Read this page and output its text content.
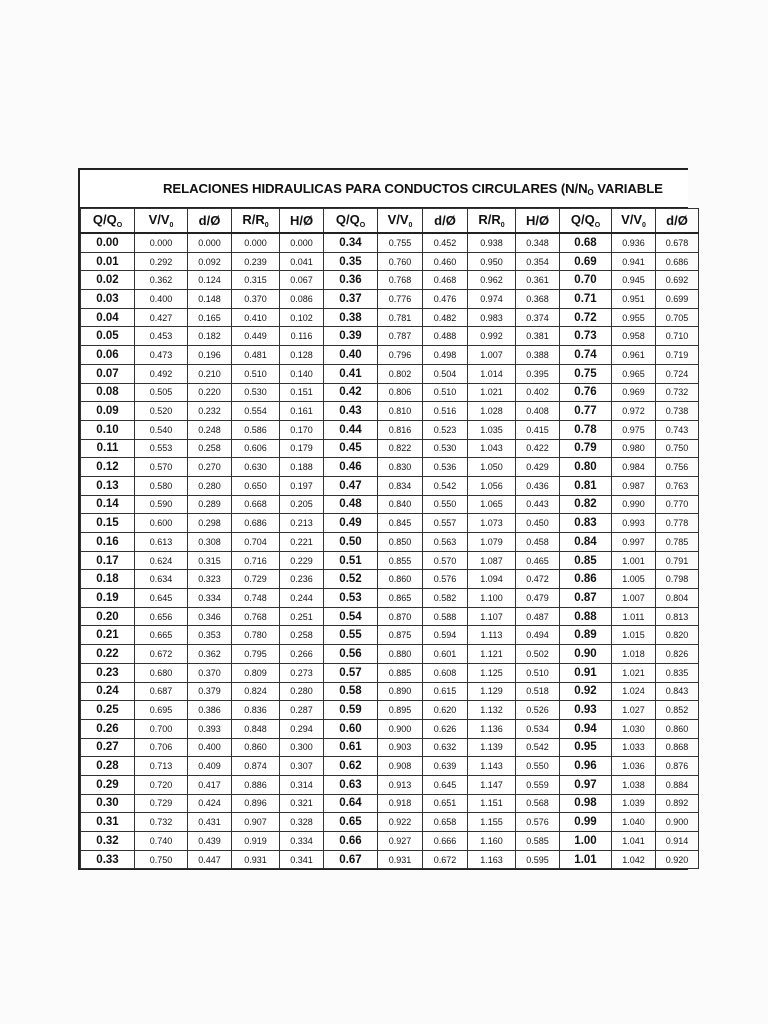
RELACIONES HIDRAULICAS PARA CONDUCTOS CIRCULARES ($N/N_O$ VARIABLE
$Q/Q_O$	$V/V_0$	d/Ø	$R/R_0$	H/Ø	$Q/Q_O$	$V/V_0$	d/Ø	$R/R_0$	H/Ø	$Q/Q_O$	$V/V_0$	d/Ø
0.00	0.000	0.000	0.000	0.000	0.34	0.755	0.452	0.938	0.348	0.68	0.936	0.678
0.01	0.292	0.092	0.239	0.041	0.35	0.760	0.460	0.950	0.354	0.69	0.941	0.686
0.02	0.362	0.124	0.315	0.067	0.36	0.768	0.468	0.962	0.361	0.70	0.945	0.692
0.03	0.400	0.148	0.370	0.086	0.37	0.776	0.476	0.974	0.368	0.71	0.951	0.699
0.04	0.427	0.165	0.410	0.102	0.38	0.781	0.482	0.983	0.374	0.72	0.955	0.705
0.05	0.453	0.182	0.449	0.116	0.39	0.787	0.488	0.992	0.381	0.73	0.958	0.710
0.06	0.473	0.196	0.481	0.128	0.40	0.796	0.498	1.007	0.388	0.74	0.961	0.719
0.07	0.492	0.210	0.510	0.140	0.41	0.802	0.504	1.014	0.395	0.75	0.965	0.724
0.08	0.505	0.220	0.530	0.151	0.42	0.806	0.510	1.021	0.402	0.76	0.969	0.732
0.09	0.520	0.232	0.554	0.161	0.43	0.810	0.516	1.028	0.408	0.77	0.972	0.738
0.10	0.540	0.248	0.586	0.170	0.44	0.816	0.523	1.035	0.415	0.78	0.975	0.743
0.11	0.553	0.258	0.606	0.179	0.45	0.822	0.530	1.043	0.422	0.79	0.980	0.750
0.12	0.570	0.270	0.630	0.188	0.46	0.830	0.536	1.050	0.429	0.80	0.984	0.756
0.13	0.580	0.280	0.650	0.197	0.47	0.834	0.542	1.056	0.436	0.81	0.987	0.763
0.14	0.590	0.289	0.668	0.205	0.48	0.840	0.550	1.065	0.443	0.82	0.990	0.770
0.15	0.600	0.298	0.686	0.213	0.49	0.845	0.557	1.073	0.450	0.83	0.993	0.778
0.16	0.613	0.308	0.704	0.221	0.50	0.850	0.563	1.079	0.458	0.84	0.997	0.785
0.17	0.624	0.315	0.716	0.229	0.51	0.855	0.570	1.087	0.465	0.85	1.001	0.791
0.18	0.634	0.323	0.729	0.236	0.52	0.860	0.576	1.094	0.472	0.86	1.005	0.798
0.19	0.645	0.334	0.748	0.244	0.53	0.865	0.582	1.100	0.479	0.87	1.007	0.804
0.20	0.656	0.346	0.768	0.251	0.54	0.870	0.588	1.107	0.487	0.88	1.011	0.813
0.21	0.665	0.353	0.780	0.258	0.55	0.875	0.594	1.113	0.494	0.89	1.015	0.820
0.22	0.672	0.362	0.795	0.266	0.56	0.880	0.601	1.121	0.502	0.90	1.018	0.826
0.23	0.680	0.370	0.809	0.273	0.57	0.885	0.608	1.125	0.510	0.91	1.021	0.835
0.24	0.687	0.379	0.824	0.280	0.58	0.890	0.615	1.129	0.518	0.92	1.024	0.843
0.25	0.695	0.386	0.836	0.287	0.59	0.895	0.620	1.132	0.526	0.93	1.027	0.852
0.26	0.700	0.393	0.848	0.294	0.60	0.900	0.626	1.136	0.534	0.94	1.030	0.860
0.27	0.706	0.400	0.860	0.300	0.61	0.903	0.632	1.139	0.542	0.95	1.033	0.868
0.28	0.713	0.409	0.874	0.307	0.62	0.908	0.639	1.143	0.550	0.96	1.036	0.876
0.29	0.720	0.417	0.886	0.314	0.63	0.913	0.645	1.147	0.559	0.97	1.038	0.884
0.30	0.729	0.424	0.896	0.321	0.64	0.918	0.651	1.151	0.568	0.98	1.039	0.892
0.31	0.732	0.431	0.907	0.328	0.65	0.922	0.658	1.155	0.576	0.99	1.040	0.900
0.32	0.740	0.439	0.919	0.334	0.66	0.927	0.666	1.160	0.585	1.00	1.041	0.914
0.33	0.750	0.447	0.931	0.341	0.67	0.931	0.672	1.163	0.595	1.01	1.042	0.920
